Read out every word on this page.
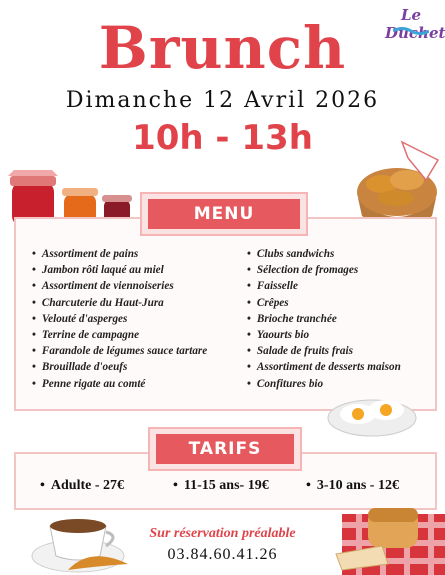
Le Duchet
Brunch
Dimanche 12 Avril 2026
10h - 13h
MENU
• Assortiment de pains
• Jambon rôti laqué au miel
• Assortiment de viennoiseries
• Charcuterie du Haut-Jura
• Velouté d'asperges
• Terrine de campagne
• Farandole de légumes sauce tartare
• Brouillade d'oeufs
• Penne rigate au comté
• Clubs sandwichs
• Sélection de fromages
• Faisselle
• Crêpes
• Brioche tranchée
• Yaourts bio
• Salade de fruits frais
• Assortiment de desserts maison
• Confitures bio
TARIFS
• Adulte - 27€	• 11-15 ans- 19€	• 3-10 ans - 12€
Sur réservation préalable
03.84.60.41.26
